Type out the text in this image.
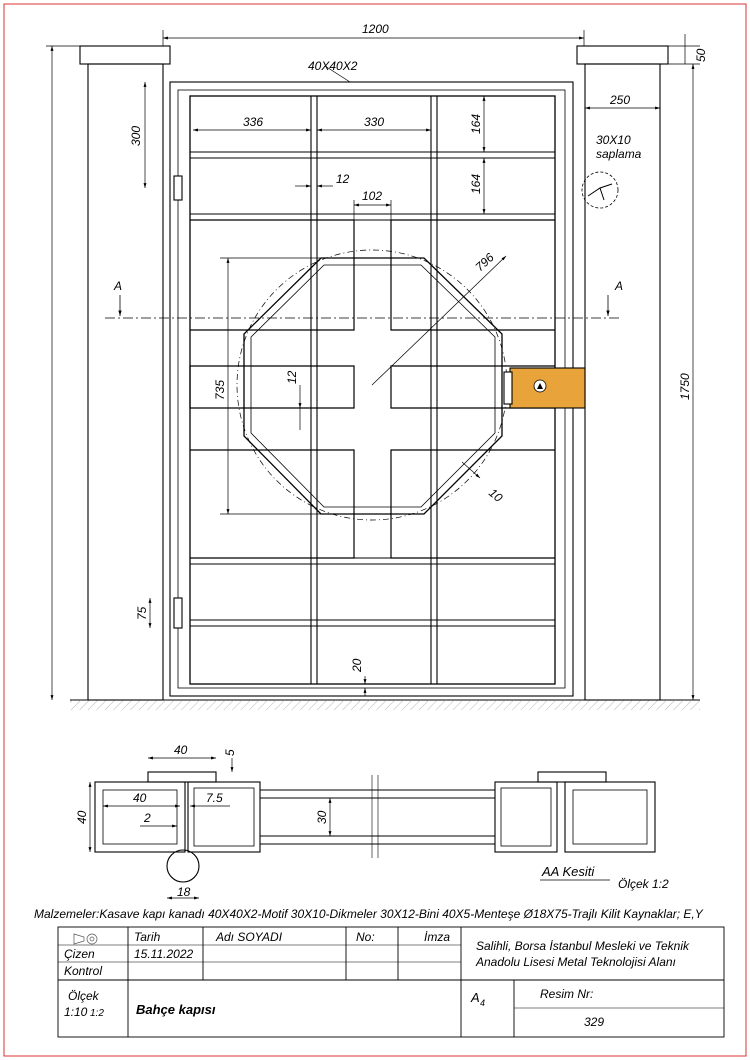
1200
40X40X2
50
250
300
336	330	164
164
12
102
796
30X10
saplama
A	A
735
12	1750
10
75
20
40	5
40	7.5
40	2	30
18
AA Kesiti
Ölçek 1:2
Malzemeler:Kasave kapı kanadı 40X40X2-Motif 30X10-Dikmeler 30X12-Bini 40X5-Menteşe Ø18X75-Trajlı Kilit Kaynaklar; E,Y
Tarih	Adı SOYADI	No:	İmza
Çizen	15.11.2022
Kontrol
Salihli, Borsa İstanbul Mesleki ve Teknik
Anadolu Lisesi Metal Teknolojisi Alanı
Ölçek
1:10 1:2 Bahçe kapısı
A 4
Resim Nr:
329
